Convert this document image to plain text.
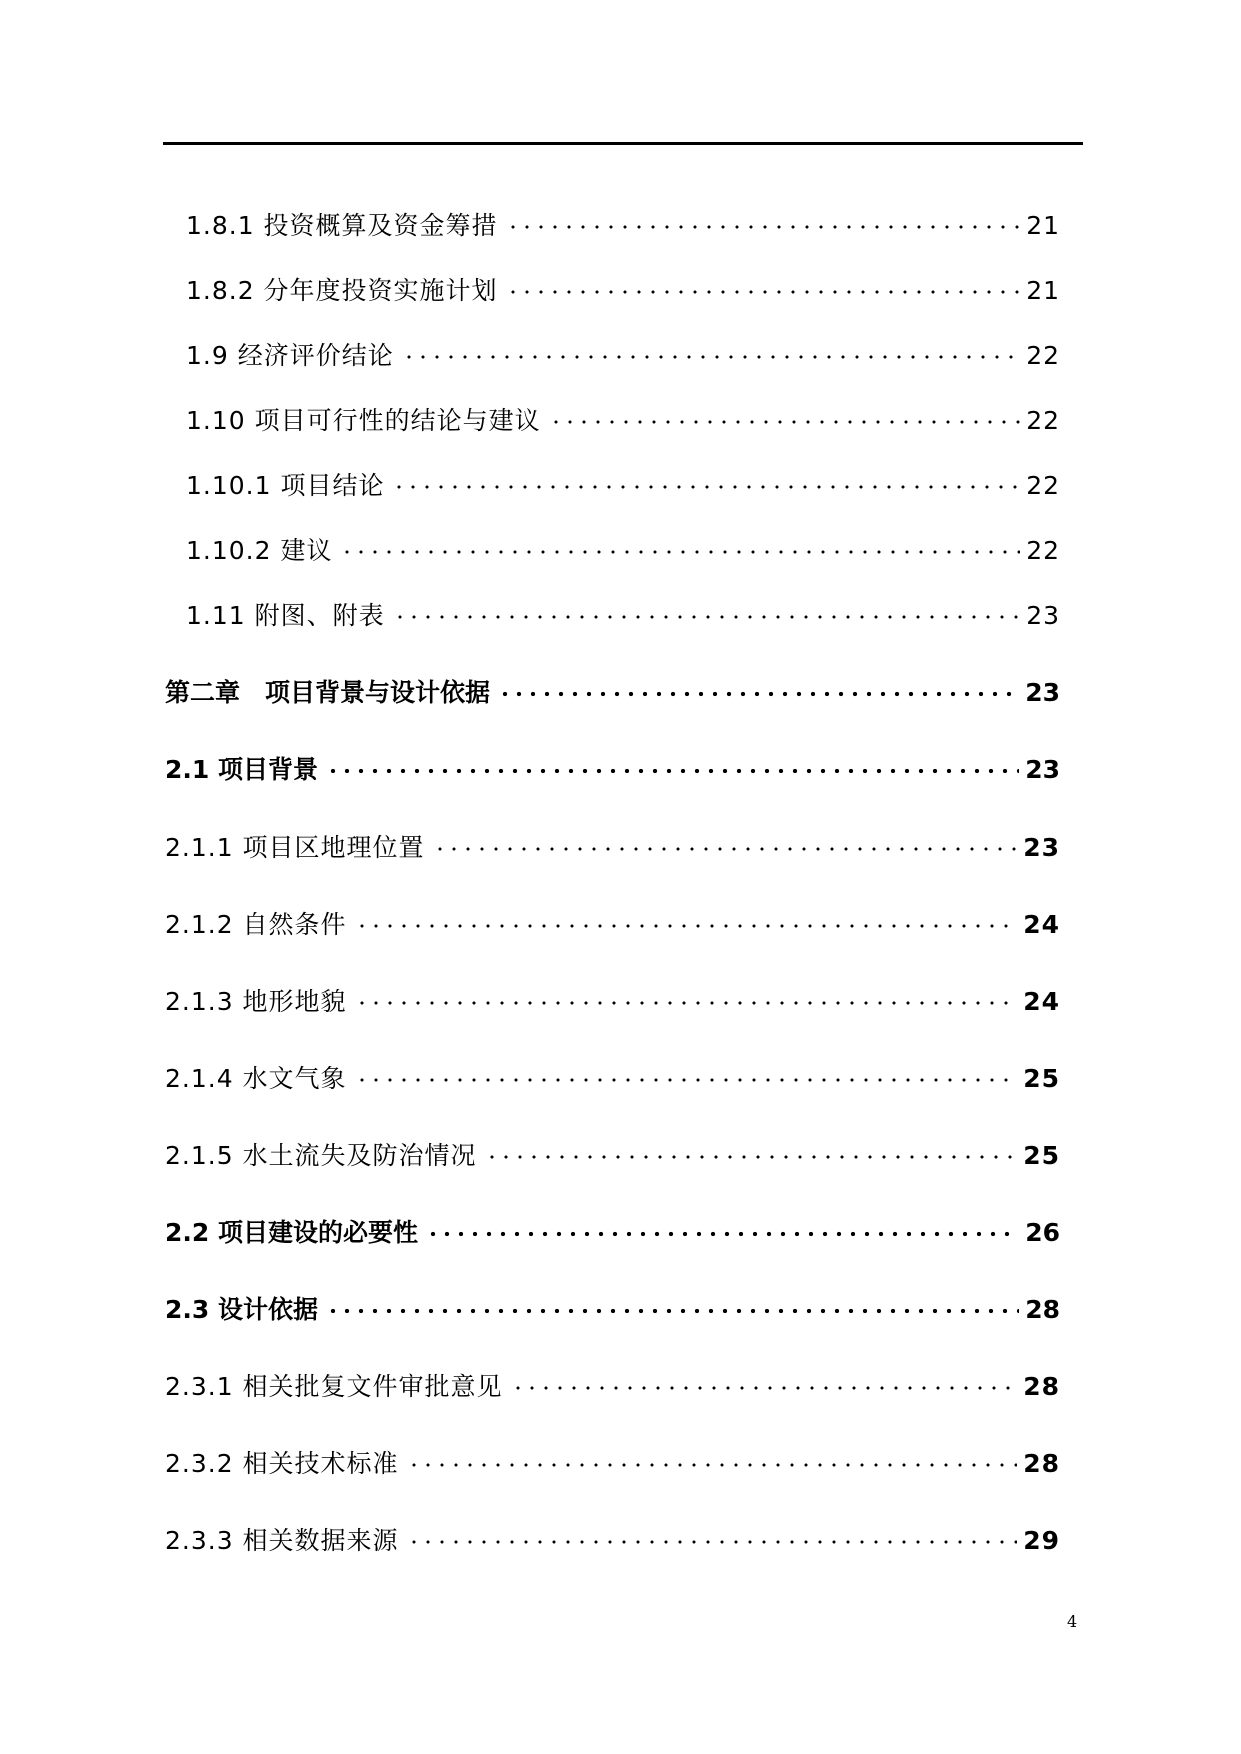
1.8.1 投资概算及资金筹措	21
1.8.2 分年度投资实施计划	21
1.9 经济评价结论	22
1.10 项目可行性的结论与建议	22
1.10.1 项目结论	22
1.10.2 建议	22
1.11 附图、附表	23
第二章　项目背景与设计依据	23
2.1 项目背景	23
2.1.1 项目区地理位置	23
2.1.2 自然条件	24
2.1.3 地形地貌	24
2.1.4 水文气象	25
2.1.5 水土流失及防治情况	25
2.2 项目建设的必要性	26
2.3 设计依据	28
2.3.1 相关批复文件审批意见	28
2.3.2 相关技术标准	28
2.3.3 相关数据来源	29
4
